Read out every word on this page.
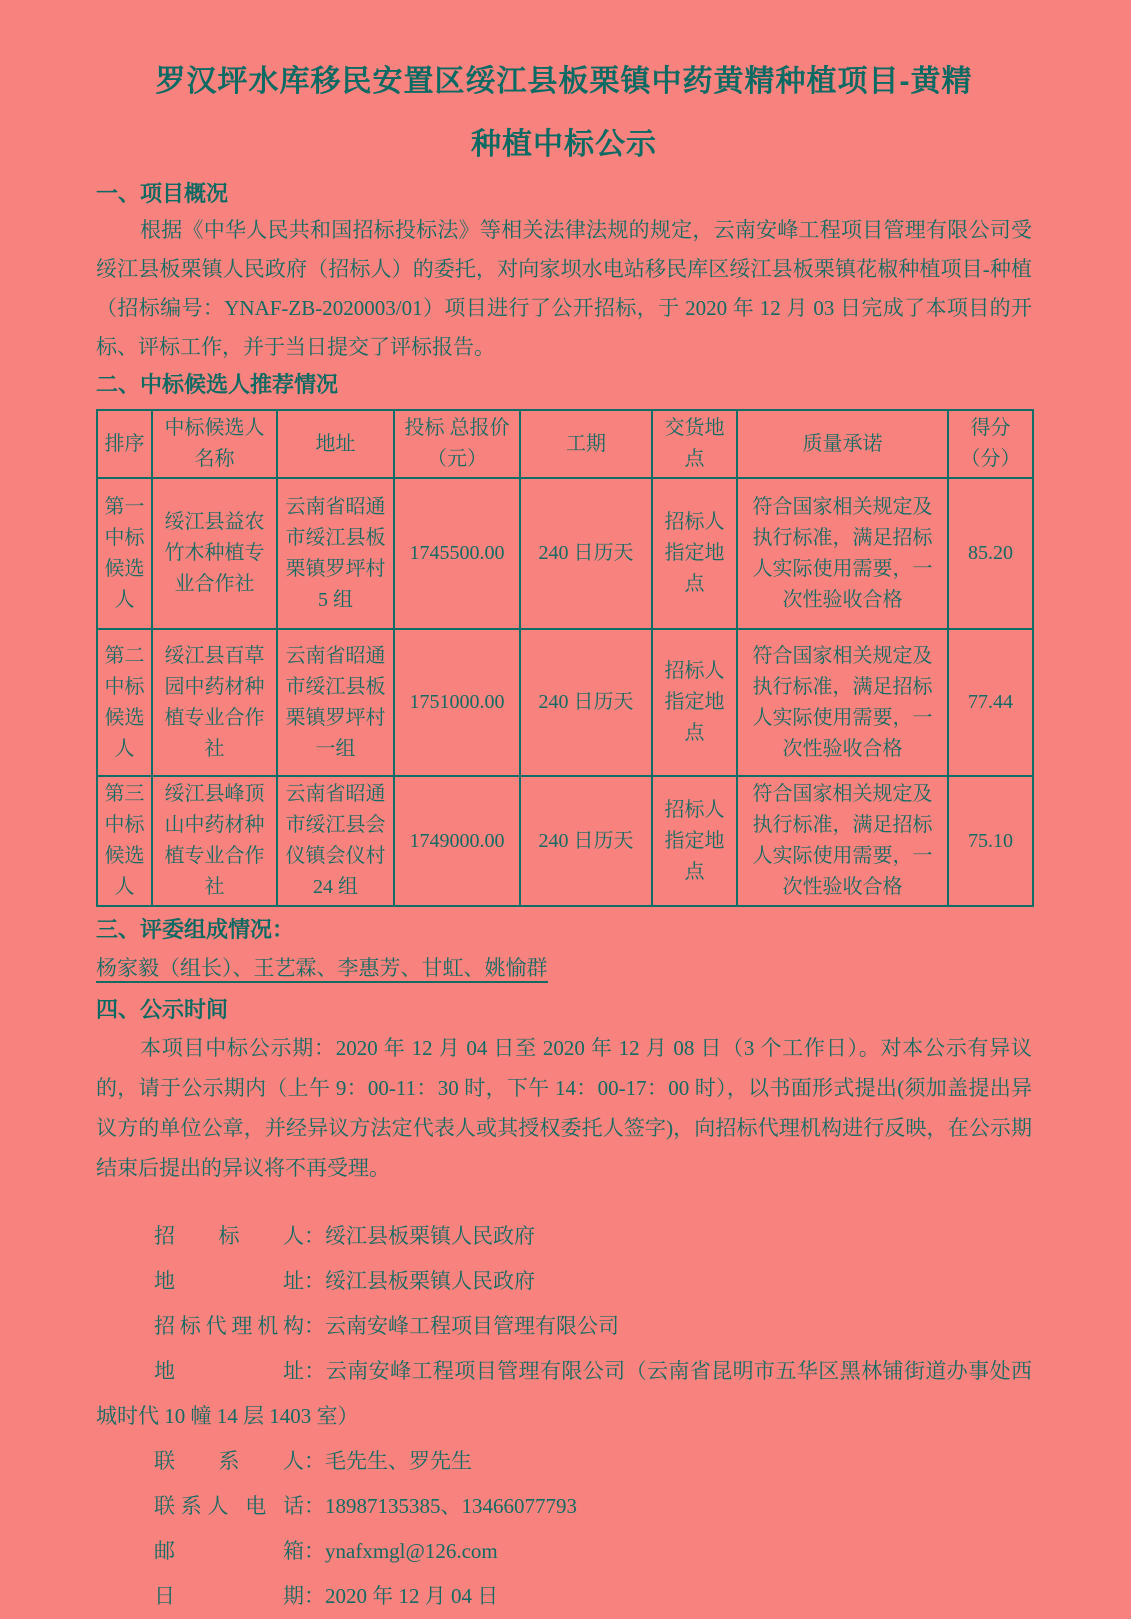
罗汉坪水库移民安置区绥江县板栗镇中药黄精种植项目-黄精
种植中标公示
一、项目概况

根据《中华人民共和国招标投标法》等相关法律法规的规定，云南安峰工程项目管理有限公司受绥江县板栗镇人民政府（招标人）的委托，对向家坝水电站移民库区绥江县板栗镇花椒种植项目-种植（招标编号：YNAF-ZB-2020003/01）项目进行了公开招标，于 2020 年 12 月 03 日完成了本项目的开标、评标工作，并于当日提交了评标报告。

二、中标候选人推荐情况
排序	中标候选人名称	地址	投标 总报价（元）	工期	交货地点	质量承诺	得分 （分）
第一中标候选人	绥江县益农竹木种植专业合作社	云南省昭通市绥江县板栗镇罗坪村 5 组	1745500.00	240 日历天	招标人指定地点	符合国家相关规定及执行标准，满足招标人实际使用需要，一次性验收合格	85.20
第二中标候选人	绥江县百草园中药材种植专业合作社	云南省昭通市绥江县板栗镇罗坪村一组	1751000.00	240 日历天	招标人指定地点	符合国家相关规定及执行标准，满足招标人实际使用需要，一次性验收合格	77.44
第三中标候选人	绥江县峰顶山中药材种植专业合作社	云南省昭通市绥江县会仪镇会仪村 24 组	1749000.00	240 日历天	招标人指定地点	符合国家相关规定及执行标准，满足招标人实际使用需要，一次性验收合格	75.10
三、评委组成情况：

杨家毅（组长）、王艺霖、李惠芳、甘虹、姚愉群

四、公示时间

本项目中标公示期：2020 年 12 月 04 日至 2020 年 12 月 08 日（3 个工作日）。对本公示有异议的，请于公示期内（上午 9：00-11：30 时，下午 14：00-17：00 时），以书面形式提出(须加盖提出异议方的单位公章，并经异议方法定代表人或其授权委托人签字)，向招标代理机构进行反映，在公示期结束后提出的异议将不再受理。

招标人：绥江县板栗镇人民政府
地址：绥江县板栗镇人民政府
招标代理机构：云南安峰工程项目管理有限公司
地址：云南安峰工程项目管理有限公司（云南省昆明市五华区黑林铺街道办事处西城时代 10 幢 14 层 1403 室）
联系人：毛先生、罗先生
联系人 电 话：18987135385、13466077793
邮箱：ynafxmgl@126.com
日期：2020 年 12 月 04 日
